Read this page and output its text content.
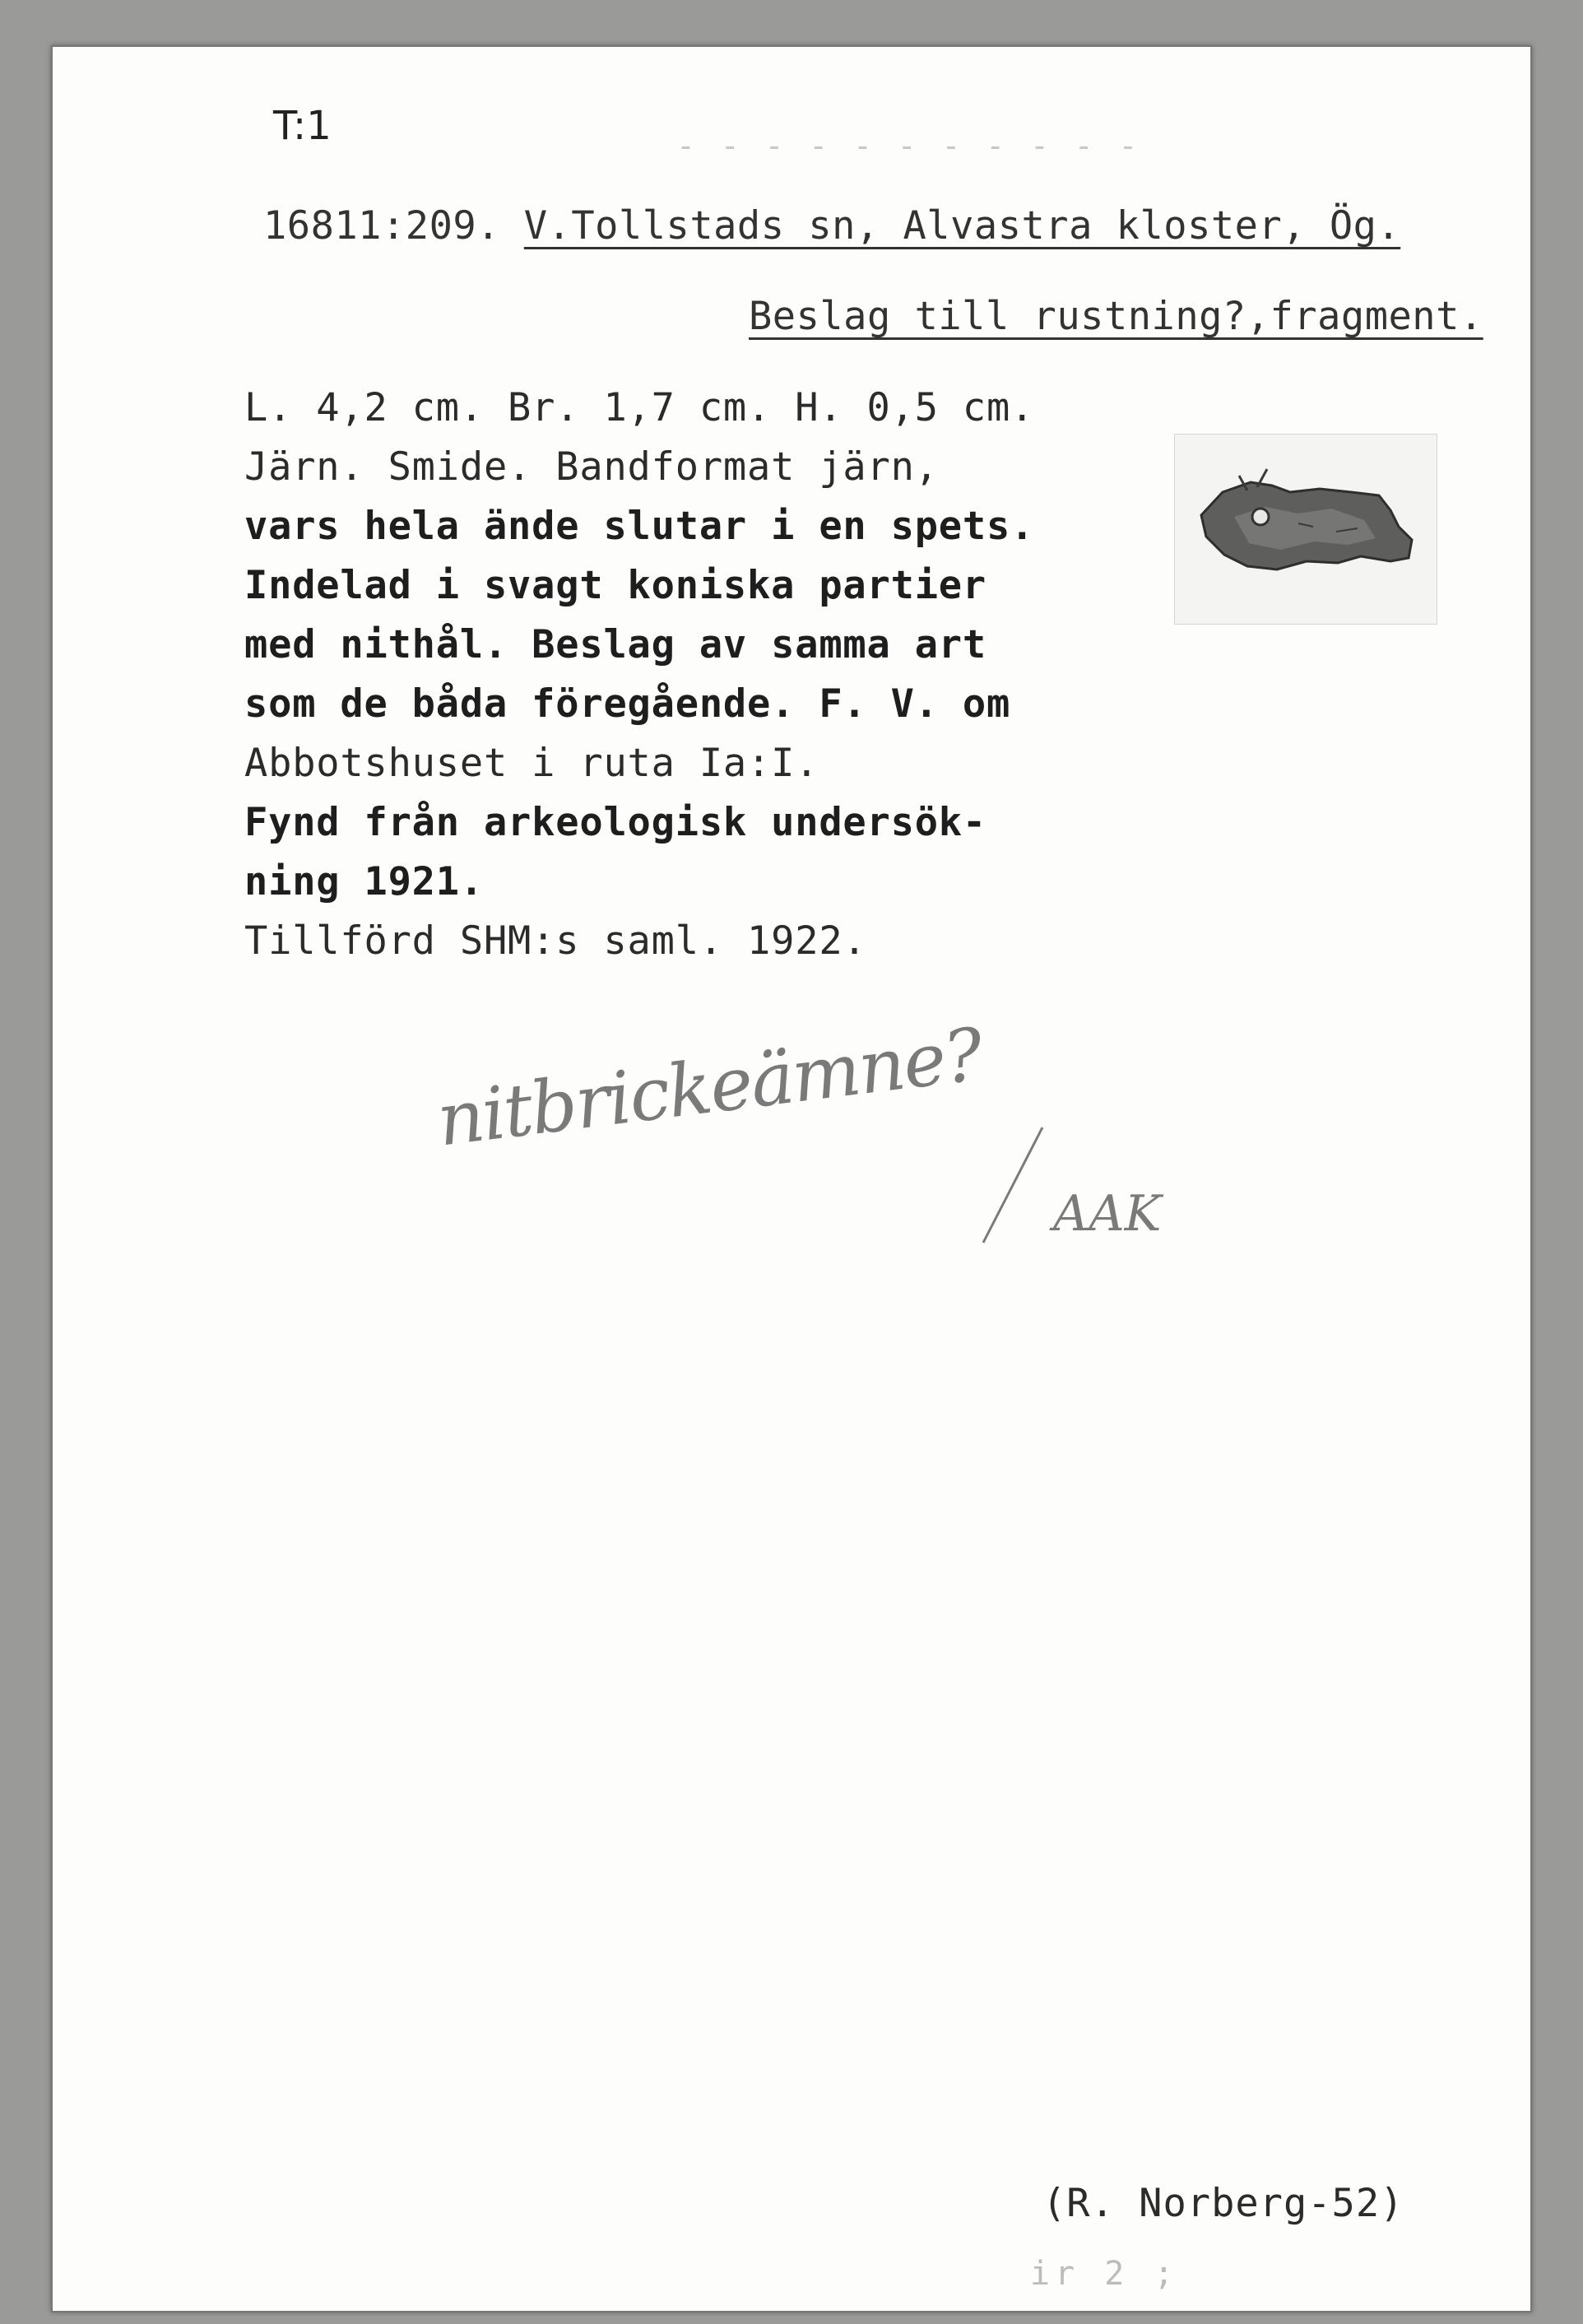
T:1	- - - - - - - - - - -
16811:209. V.Tollstads sn, Alvastra kloster, Ög.
Beslag till rustning?,fragment.
L. 4,2 cm. Br. 1,7 cm. H. 0,5 cm.
Järn. Smide. Bandformat järn,
vars hela ände slutar i en spets.
Indelad i svagt koniska partier
med nithål. Beslag av samma art
som de båda föregående. F. V. om
Abbotshuset i ruta Ia:I.
Fynd från arkeologisk undersök-
ning 1921.
Tillförd SHM:s saml. 1922.
nitbrickeämne?
AAK
(R. Norberg-52)
ir 2 ;
